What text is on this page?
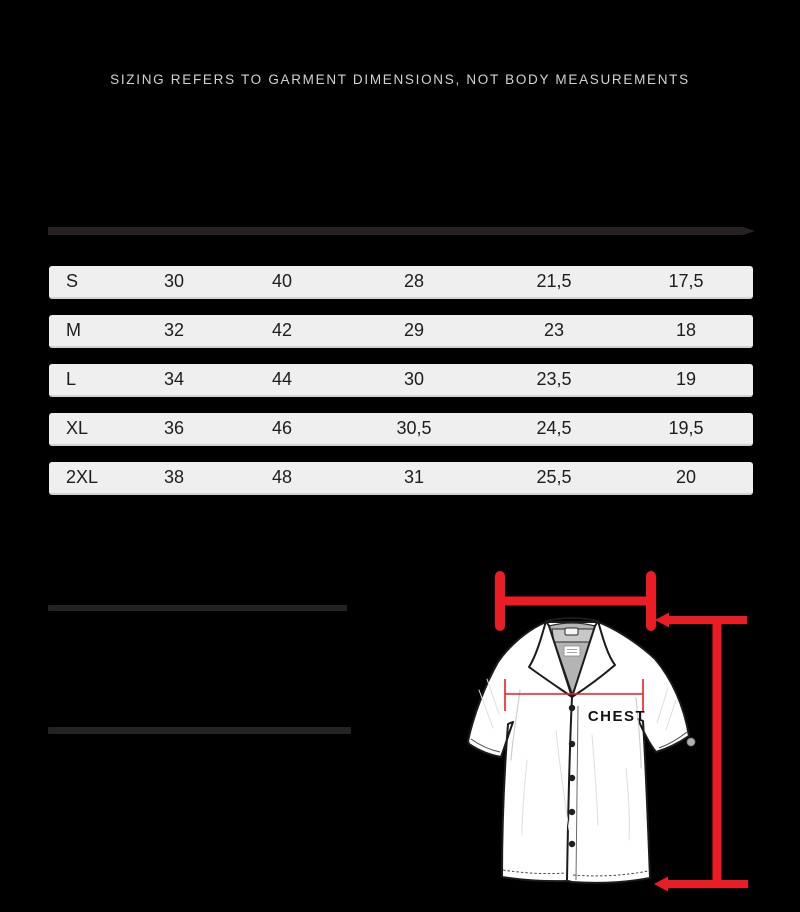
SIZING REFERS TO GARMENT DIMENSIONS, NOT BODY MEASUREMENTS
S	30	40	28	21,5	17,5
M	32	42	29	23	18
L	34	44	30	23,5	19
XL	36	46	30,5	24,5	19,5
2XL	38	48	31	25,5	20
CHEST
